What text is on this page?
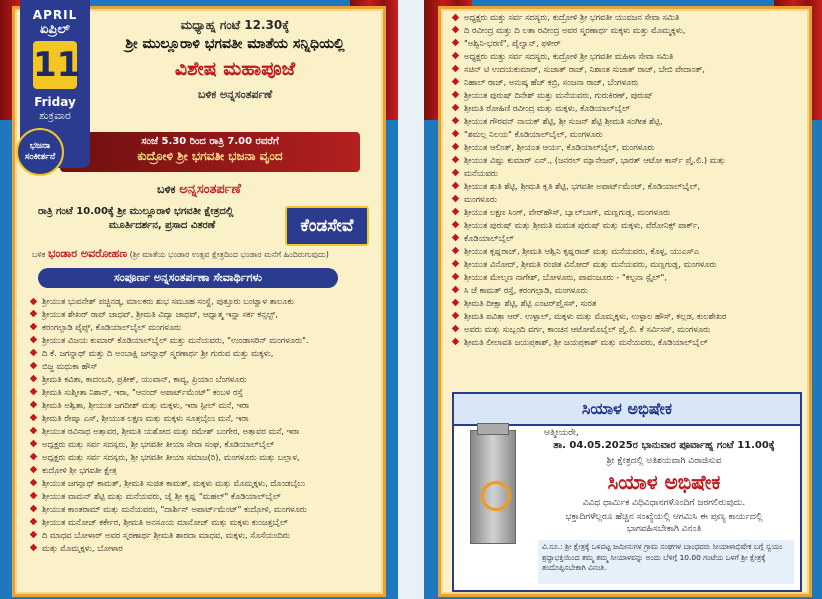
APRIL
ಏಪ್ರಿಲ್
11
Friday
ಶುಕ್ರವಾರ
ಮಧ್ಯಾಹ್ನ ಗಂಟೆ 12.30ಕ್ಕೆ
ಶ್ರೀ ಮುಲ್ಲೂರಾಳಿ ಭಗವತೀ ಮಾತೆಯ ಸನ್ನಿಧಿಯಲ್ಲಿ
ವಿಶೇಷ ಮಹಾಪೂಜೆ
ಬಳಿಕ ಅನ್ನಸಂತರ್ಪಣೆ
ಭಜನಾ ಸಂಕೀರ್ತನೆ
ಸಂಜೆ 5.30 ರಿಂದ ರಾತ್ರಿ 7.00 ರವರೆಗೆ
ಕುದ್ರೋಳಿ ಶ್ರೀ ಭಗವತೀ ಭಜನಾ ವೃಂದ
ಬಳಿಕ ಅನ್ನಸಂತರ್ಪಣೆ
ರಾತ್ರಿ ಗಂಟೆ 10.00ಕ್ಕೆ ಶ್ರೀ ಮುಲ್ಲೂರಾಳಿ ಭಗವತೀ ಕ್ಷೇತ್ರದಲ್ಲಿ
ಮೂರ್ತಿದರ್ಶನ, ಪ್ರಸಾದ ವಿತರಣೆ	ಕೆಂಡಸೇವೆ
ಬಳಿಕ ಭಂಡಾರ ಅವರೋಹಣ (ಶ್ರೀ ಮಾತೆಯ ಭಂಡಾರ ಉತ್ಸವ ಕ್ಷೇತ್ರದಿಂದ ಭಂಡಾರ ಮನೆಗೆ ಹಿಂದಿರುಗುವುದು)
ಸಂಪೂರ್ಣ ಅನ್ನಸಂತರ್ಪಣಾ ಸೇವಾರ್ಥಿಗಳು
ಶ್ರೀಯುತ ಭುವನೇಶ್ ಪಚ್ಚಿನಡ್ಕ, ಮಾಲಕರು ಶುಭ ಸಮೂಹ ಸಂಸ್ಥೆ, ಪುತ್ತೂರು ಬಂಟ್ವಾಳ ತಾಲೂಕು
ಶ್ರೀಯುತ ಶೇಖರ್ ರಾವ್ ಜಾಧವ್, ಶ್ರೀಮತಿ ವಿದ್ಯಾ ಜಾಧವ್, ಆಧ್ಯಾತ್ಮ ಇನ್ಫ್ರಾ ಸರ್ಕ ಕನ್ಸಲ್ಟ್,
ಕರಂಗಲ್ಪಾಡಿ ಪೈಪ್ಸ್, ಕೊಡಿಯಾಲ್‌ಬೈಲ್ ಮಂಗಳೂರು
ಶ್ರೀಯುತ ವಿಜಯ ಕುಮಾರ್ ಕೊಡಿಯಾಲ್‌ಬೈಲ್ ಮತ್ತು ಮನೆಯವರು, "ಉಂಡಾಸರಿನ್ ಮಂಗಳೂರು".
ದಿ ಕೆ. ಜಗನ್ನಾಥ್ ಮತ್ತು ದಿ ಅಂಬಾಕ್ಷಿ ಜಗನ್ನಾಥ್ ಸ್ಮರಣಾರ್ಥ ಶ್ರೀ ಗುರುವ ಮತ್ತು ಮಕ್ಕಳು,
ಬಿಜ್ಜ ಮಧುಕಾ ಹೌಸ್
ಶ್ರೀಮತಿ ಕವಿತಾ, ಕಾದಂಬರಿ, ಪ್ರತೀಕ್, ಯುವಾನ್, ಕಾವ್ಯ, ಪ್ರಿಯಾಂ ಬೆಂಗಳೂರು
ಶ್ರೀಮತಿ ಸುಶ್ಮೀತಾ ನಿಶಾನ್, ಇರಾ, "ಆನಂದ್ ಅಪಾರ್ಟ್‌ಮೆಂಟ್" ಕಂಬಳ ರಸ್ತೆ
ಶ್ರೀಮತಿ ಅಶ್ವಿತಾ, ಶ್ರೀಯುತ ಜಗದೀಶ್ ಮತ್ತು ಮಕ್ಕಳು, ಇರಾ ಸ್ಟೀಲ್ ಮನೆ, ಇರಾ
ಶ್ರೀಮತಿ ರೇಷ್ಮಾ ಎಸ್, ಶ್ರೀಯುತ ಲಕ್ಷ್ಮಣ ಮತ್ತು ಮಕ್ಕಳು ಸೂತ್ರಬೈಲು ಮನೆ, ಇರಾ
ಶ್ರೀಯುತ ರವಿನಾಥ ಅತ್ತಾವರ, ಶ್ರೀಮತಿ ಯಶೋದ ಮತ್ತು ರಮೇಶ್ ಬಂಗೇರ, ಅತ್ತಾವರ ಮನೆ, ಇರಾ
ಅಧ್ಯಕ್ಷರು ಮತ್ತು ಸರ್ವ ಸದಸ್ಯರು, ಶ್ರೀ ಭಗವತೀ ತೀಯಾ ಸೇವಾ ಸಂಘ, ಕೊಡಿಯಾಲ್‌ಬೈಲ್
ಅಧ್ಯಕ್ಷರು ಮತ್ತು ಸರ್ವ ಸದಸ್ಯರು, ಶ್ರೀ ಭಗವತೀ ತೀಯಾ ಸಮಾಜ(ರಿ), ಮಂಗಳೂರು ಮತ್ತು ಬಲ್ಲಾಳ,
ಕುದ್ರೋಳಿ ಶ್ರೀ ಭಗವತೀ ಕ್ಷೇತ್ರ
ಶ್ರೀಯುತ ಜಗನ್ನಾಥ್ ಕಾಮತ್, ಶ್ರೀಮತಿ ಸುಜಿತ ಕಾಮತ್, ಮಕ್ಕಳು ಮತ್ತು ಮೊಮ್ಮಕ್ಕಳು, ದೊಂಡಬೈಲು
ಶ್ರೀಯುತ ವಾಮನ್ ಶೆಟ್ಟಿ ಮತ್ತು ಮನೆಯವರು, ಜೈ ಶ್ರೀ ಕೃಷ್ಣ "ಮಹಲ್" ಕೊಡಿಯಾಲ್‌ಬೈಲ್
ಶ್ರೀಯುತ ಕಾಂತರಾಮ್ ಮತ್ತು ಮನೆಯವರು, "ದಾರ್ಶಿನ್ ಅಪಾರ್ಟ್‌ಮೆಂಟ್" ಕುದ್ರೋಳಿ, ಮಂಗಳೂರು
ಶ್ರೀಯುತ ಮನೋಜ್ ಕರ್ಕೇರ, ಶ್ರೀಮತಿ ಅನಸೂಯ ಮಾನೋಜ್ ಮತ್ತು ಮಕ್ಕಳು ಕುಂಜತ್ತಬೈಲ್
ದಿ ಮಾಧವ ಬೋಳಾರ್ ಅವರ ಸ್ಮರಣಾರ್ಥ ಶ್ರೀಮತಿ ಶಾರದಾ ಮಾಧವ, ಮಕ್ಕಳು, ಸೊಸೆಯಂದಿರು
ಮತ್ತು ಮೊಮ್ಮಕ್ಕಳು, ಬೋಳಾರ
ಅಧ್ಯಕ್ಷರು ಮತ್ತು ಸರ್ವ ಸದಸ್ಯರು, ಕುದ್ರೋಳಿ ಶ್ರೀ ಭಗವತೀ ಯುವಜನ ಸೇವಾ ಸಮಿತಿ
ದಿ ರವೀಂದ್ರ ಮತ್ತು ದಿ ಲತಾ ರವೀಂದ್ರ ಅವರ ಸ್ಮರಣಾರ್ಥ ಮಕ್ಕಳು ಮತ್ತು ಮೊಮ್ಮಕ್ಕಳು,
"ಅಶ್ವಿನಿ-ಭರಣಿ", ಪೈಲ್ವಾನ್, ಫಳೀರ್
ಅಧ್ಯಕ್ಷರು ಮತ್ತು ಸರ್ವ ಸದಸ್ಯರು, ಕುದ್ರೋಳಿ ಶ್ರೀ ಭಗವತೀ ಮಹಿಳಾ ಸೇವಾ ಸಮಿತಿ
ಸಚಿನ್ ಟಿ ಉದಯಕುಮಾರ್, ಸುಜಾತ್ ರಾಜ್, ನಿಶಾಂತ ಸುಜಾತ್ ರಾಜ್, ಬೇಬಿ ವೇದಾಂತ್,
ನಿಹಾಲ್ ರಾಜ್, ಅನುಷ್ಕ ಹೆಚ್ ಕಬ್ರಿ, ಸಂಜನಾ ರಾಜ್, ಬೆಂಗಳೂರು
ಶ್ರೀಯುತ ಪುರುಷ್ ದಿನೇಶ್ ಮತ್ತು ಮನೆಯವರು, ಗುರುಕಿರಣ್, ಪುರುಷ್
ಶ್ರೀಮತಿ ರೋಹಿಣಿ ರವೀಂದ್ರ ಮತ್ತು ಮಕ್ಕಳು, ಕೊಡಿಯಾಲ್‌ಬೈಲ್
ಶ್ರೀಯುತ ಗೌರವನ್ ನಾಯಕ್ ಶೆಟ್ಟಿ, ಶ್ರೀ ಸುಜನ್ ಶೆಟ್ಟಿ ಶ್ರೀಮತಿ ಸಂಗೀತ ಶೆಟ್ಟಿ,
"ಶಮಲ್ಲ ನಿಲಯ" ಕೊಡಿಯಾಲ್‌ಬೈಲ್, ಮಂಗಳೂರು
ಶ್ರೀಯುತ ಆಲಿಂತ್, ಶ್ರೀಯುತ ಆರ್ಯ, ಕೊಡಿಯಾಲ್‌ಬೈಲ್, ಮಂಗಳೂರು
ಶ್ರೀಯುತ ವಿಷ್ಣು ಕುಮಾರ್ ಎನ್., (ಜನರಲ್ ಮ್ಯಾನೇಜರ್, ಭಾರತ್ ಆಟೋ ಕಾರ್ಸ್ ಪ್ರೈ.ಲಿ.) ಮತ್ತು
ಮನೆಯವರು
ಶ್ರೀಯುತ ಶ್ರುತಿ ಶೆಟ್ಟಿ, ಶ್ರೀಮತಿ ಕೃತಿ ಶೆಟ್ಟಿ, ಭಗವತೀ ಅಪಾರ್ಟ್‌ಮೆಂಟ್, ಕೊಡಿಯಾಲ್‌ಬೈಲ್,
ಮಂಗಳೂರು
ಶ್ರೀಯುತ ಲಕ್ಷ್ಮಣ ಸಿಂಗ್, ವೇರ್‌ಹೌಸ್, ಬ್ಯಾಲ್‌ಬಾಗ್, ಮಣ್ಣಗುಡ್ಡ, ಮಂಗಳೂರು
ಶ್ರೀಯುತ ಪುರುಷ್ ಮತ್ತು ಶ್ರೀಮತಿ ಮಮತ ಪುರುಷ್ ಮತ್ತು ಮಕ್ಕಳು, ವೆರೋನಿಕ್ಸ್ ಪಾರ್ಕ್,
ಕೊಡಿಯಾಲ್‌ಬೈಲ್
ಶ್ರೀಯುತ ಕೃಷ್ಣರಾಜ್, ಶ್ರೀಮತಿ ಆಶ್ವಿನಿ ಕೃಷ್ಣರಾಜ್ ಮತ್ತು ಮನೆಯವರು, ಕೊಳ್ಳ, ಯುಎಸ್ಎ
ಶ್ರೀಯುತ ವಿನೋದ್, ಶ್ರೀಮತಿ ರಂಜಿತ ವಿನೋದ್ ಮತ್ತು ಮನೆಯವರು, ಮಣ್ಣಗುಡ್ಡ, ಮಂಗಳೂರು
ಶ್ರೀಯುತ ಮೇಲ್ಮಣ ನಾಗೇಶ್, ಬೋಳೂರು, ಪಾವಂಜೂರು - "ಕಲ್ಪನಾ ಸ್ಟೈಲ್",
ಸಿ ಜೆ ಕಾಮತ್ ರಸ್ತೆ, ಕರಂಗಲ್ಪಾಡಿ, ಮಂಗಳೂರು
ಶ್ರೀಮತಿ ದೀಕ್ಷಾ ಶೆಟ್ಟಿ, ಶೆಟ್ಟಿ ಎಂಟರ್‌ಪ್ರೈಸಸ್, ಸುರತ
ಶ್ರೀಮತಿ ಪವಿತ್ರಾ ಆರ್. ಉಳ್ಳಾಲ್, ಮಕ್ಕಳು ಮತ್ತು ಮೊಮ್ಮಕ್ಕಳು, ಉಳ್ಳಾಲ ಹೌಸ್, ಕಲ್ಲಡ, ಕುಲಶೇಖರ
ಅವರು ಮತ್ತು ಸುಬ್ಬಂದಿ ವರ್ಗ, ಕಾಂಚನ ಆಟೋಮೊಬೈಲ್ ಪ್ರೈ.ಲಿ. ಕೆ ಸರ್ವಿಸಸ್, ಮಂಗಳೂರು
ಶ್ರೀಮತಿ ಲೀಲಾವತಿ ಜಯಪ್ರಕಾಶ್, ಶ್ರೀ ಜಯಪ್ರಕಾಶ್ ಮತ್ತು ಮನೆಯವರು, ಕೊಡಿಯಾಲ್‌ಬೈಲ್
ಸಿಯಾಳ ಅಭಿಷೇಕ
ಆತ್ಮೀಯರೇ,
ತಾ. 04.05.2025ರ ಭಾನುವಾರ ಪೂರ್ವಾಹ್ನ ಗಂಟೆ 11.00ಕ್ಕೆ
ಶ್ರೀ ಕ್ಷೇತ್ರದಲ್ಲಿ ಅತಿಶಯವಾಗಿ ವಿರಾಜಿಸುವ
ಸಿಯಾಳ ಅಭಿಷೇಕ
ವಿವಿಧ ಧಾರ್ಮಿಕ ವಿಧಿವಿಧಾನಗಳೊಂದಿಗೆ ಜರಗಲಿರುವುದು.
ಭಕ್ತಾದಿಗಳೆಲ್ಲರೂ ಹೆಚ್ಚಿನ ಸಂಖ್ಯೆಯಲ್ಲಿ ಆಗಮಿಸಿ ಈ ಪುಣ್ಯ ಕಾರ್ಯದಲ್ಲಿ
ಭಾಗವಹಿಸಬೇಕಾಗಿ ವಿನಂತಿ
ವಿ.ಸೂ.: ಶ್ರೀ ಕ್ಷೇತ್ರಕ್ಕೆ ಒಳಪಟ್ಟ ಜಮೀನುಗಳ ಗ್ರಾಮ ಸಂಘಗಳ ಬಾಂಧವರು ಸೀಯಾಳಾಭಿಷೇಕ ಬಗ್ಗೆ ಸ್ವಯಂ ಶ್ರದ್ಧಾಭಕ್ತಿಯಿಂದ ತಮ್ಮ ತಮ್ಮ ಸೀಯಾಳವನ್ನು ಅಂದು ಬೆಳಿಗ್ಗೆ 10.00 ಗಂಟೆಯ ಒಳಗೆ ಶ್ರೀ ಕ್ಷೇತ್ರಕ್ಕೆ ತಂದೊಪ್ಪಿಸಬೇಕಾಗಿ ವಿನಂತಿ.
